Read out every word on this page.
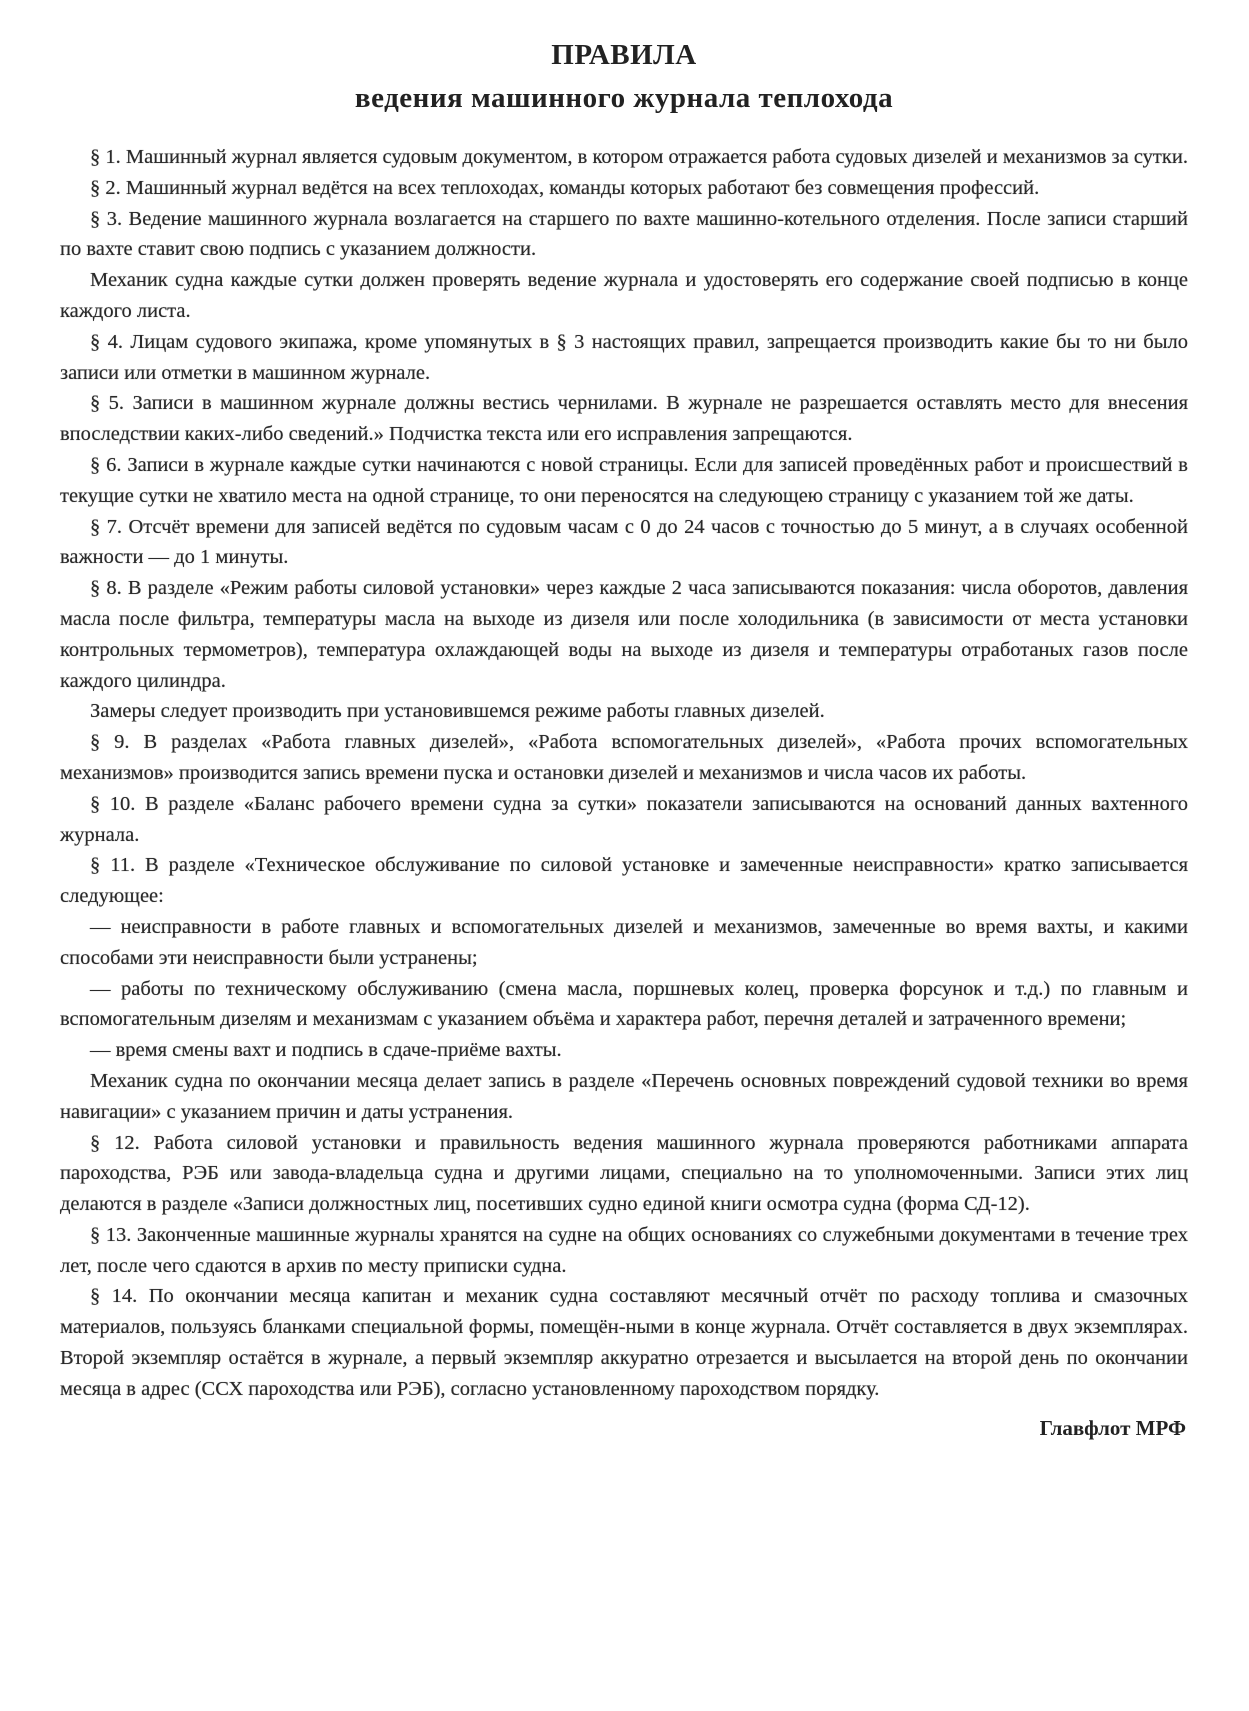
ПРАВИЛА
ведения машинного журнала теплохода

§ 1. Машинный журнал является судовым документом, в котором отражается работа судовых дизелей и механизмов за сутки.

§ 2. Машинный журнал ведётся на всех теплоходах, команды которых работают без совмещения профессий.

§ 3. Ведение машинного журнала возлагается на старшего по вахте машинно-котельного отделения. После записи старший по вахте ставит свою подпись с указанием должности.

Механик судна каждые сутки должен проверять ведение журнала и удостоверять его содержание своей подписью в конце каждого листа.

§ 4. Лицам судового экипажа, кроме упомянутых в § 3 настоящих правил, запрещается производить какие бы то ни было записи или отметки в машинном журнале.

§ 5. Записи в машинном журнале должны вестись чернилами. В журнале не разрешается оставлять место для внесения впоследствии каких-либо сведений.» Подчистка текста или его исправления запрещаются.

§ 6. Записи в журнале каждые сутки начинаются с новой страницы. Если для записей проведённых работ и происшествий в текущие сутки не хватило места на одной странице, то они переносятся на следующею страницу с указанием той же даты.

§ 7. Отсчёт времени для записей ведётся по судовым часам с 0 до 24 часов с точностью до 5 минут, а в случаях особенной важности — до 1 минуты.

§ 8. В разделе «Режим работы силовой установки» через каждые 2 часа записываются показания: числа оборотов, давления масла после фильтра, температуры масла на выходе из дизеля или после холодильника (в зависимости от места установки контрольных термометров), температура охлаждающей воды на выходе из дизеля и температуры отработаных газов после каждого цилиндра.

Замеры следует производить при установившемся режиме работы главных дизелей.

§ 9. В разделах «Работа главных дизелей», «Работа вспомогательных дизелей», «Работа прочих вспомогательных механизмов» производится запись времени пуска и остановки дизелей и механизмов и числа часов их работы.

§ 10. В разделе «Баланс рабочего времени судна за сутки» показатели записываются на оснований данных вахтенного журнала.

§ 11. В разделе «Техническое обслуживание по силовой установке и замеченные неисправности» кратко записывается следующее:

— неисправности в работе главных и вспомогательных дизелей и механизмов, замеченные во время вахты, и какими способами эти неисправности были устранены;

— работы по техническому обслуживанию (смена масла, поршневых колец, проверка форсунок и т.д.) по главным и вспомогательным дизелям и механизмам с указанием объёма и характера работ, перечня деталей и затраченного времени;

— время смены вахт и подпись в сдаче-приёме вахты.

Механик судна по окончании месяца делает запись в разделе «Перечень основных повреждений судовой техники во время навигации» с указанием причин и даты устранения.

§ 12. Работа силовой установки и правильность ведения машинного журнала проверяются работниками аппарата пароходства, РЭБ или завода-владельца судна и другими лицами, специально на то уполномоченными. Записи этих лиц делаются в разделе «Записи должностных лиц, посетивших судно единой книги осмотра судна (форма СД-12).

§ 13. Законченные машинные журналы хранятся на судне на общих основаниях со служебными документами в течение трех лет, после чего сдаются в архив по месту приписки судна.

§ 14. По окончании месяца капитан и механик судна составляют месячный отчёт по расходу топлива и смазочных материалов, пользуясь бланками специальной формы, помещён-ными в конце журнала. Отчёт составляется в двух экземплярах. Второй экземпляр остаётся в журнале, а первый экземпляр аккуратно отрезается и высылается на второй день по окончании месяца в адрес (ССХ пароходства или РЭБ), согласно установленному пароходством порядку.

Главфлот МРФ
